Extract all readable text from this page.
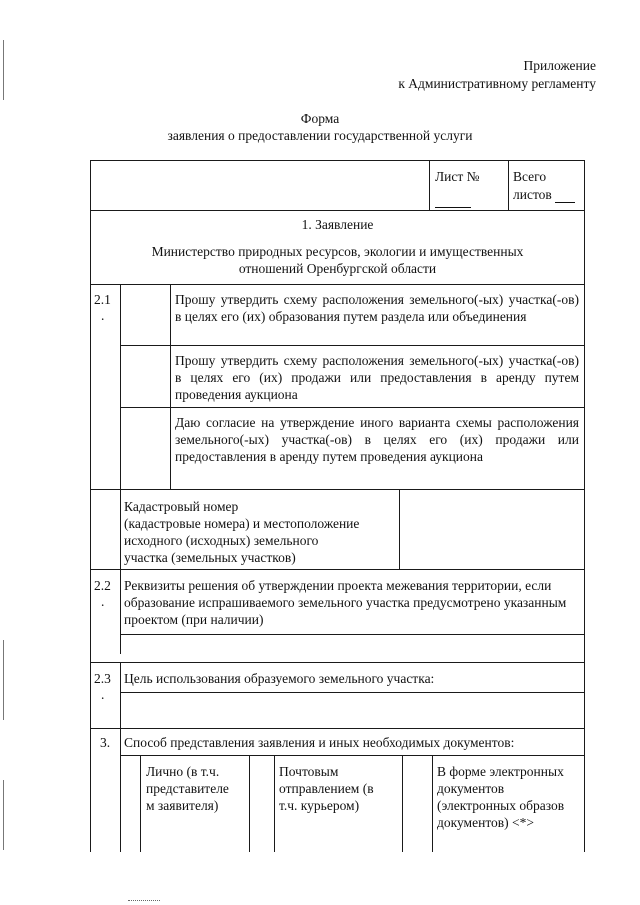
Приложение
к Административному регламенту
Форма
заявления о предоставлении государственной услуги
Лист № Всего
листов
1. Заявление
Министерство природных ресурсов, экологии и имущественных
отношений Оренбургской области
2.1
.
Прошу утвердить схему расположения земельного(-ых) участка(-ов) в целях его (их) образования путем раздела или объединения
Прошу утвердить схему расположения земельного(-ых) участка(-ов) в целях его (их) продажи или предоставления в аренду путем проведения аукциона
Даю согласие на утверждение иного варианта схемы расположения земельного(-ых) участка(-ов) в целях его (их) продажи или предоставления в аренду путем проведения аукциона
Кадастровый номер
(кадастровые номера) и местоположение
исходного (исходных) земельного
участка (земельных участков)
2.2
.
Реквизиты решения об утверждении проекта межевания территории, если образование испрашиваемого земельного участка предусмотрено указанным проектом (при наличии)
2.3
.
Цель использования образуемого земельного участка:
3. Способ представления заявления и иных необходимых документов:
Лично (в т.ч.
представителе
м заявителя)
Почтовым
отправлением (в
т.ч. курьером)
В форме электронных
документов
(электронных образов
документов) <*>
